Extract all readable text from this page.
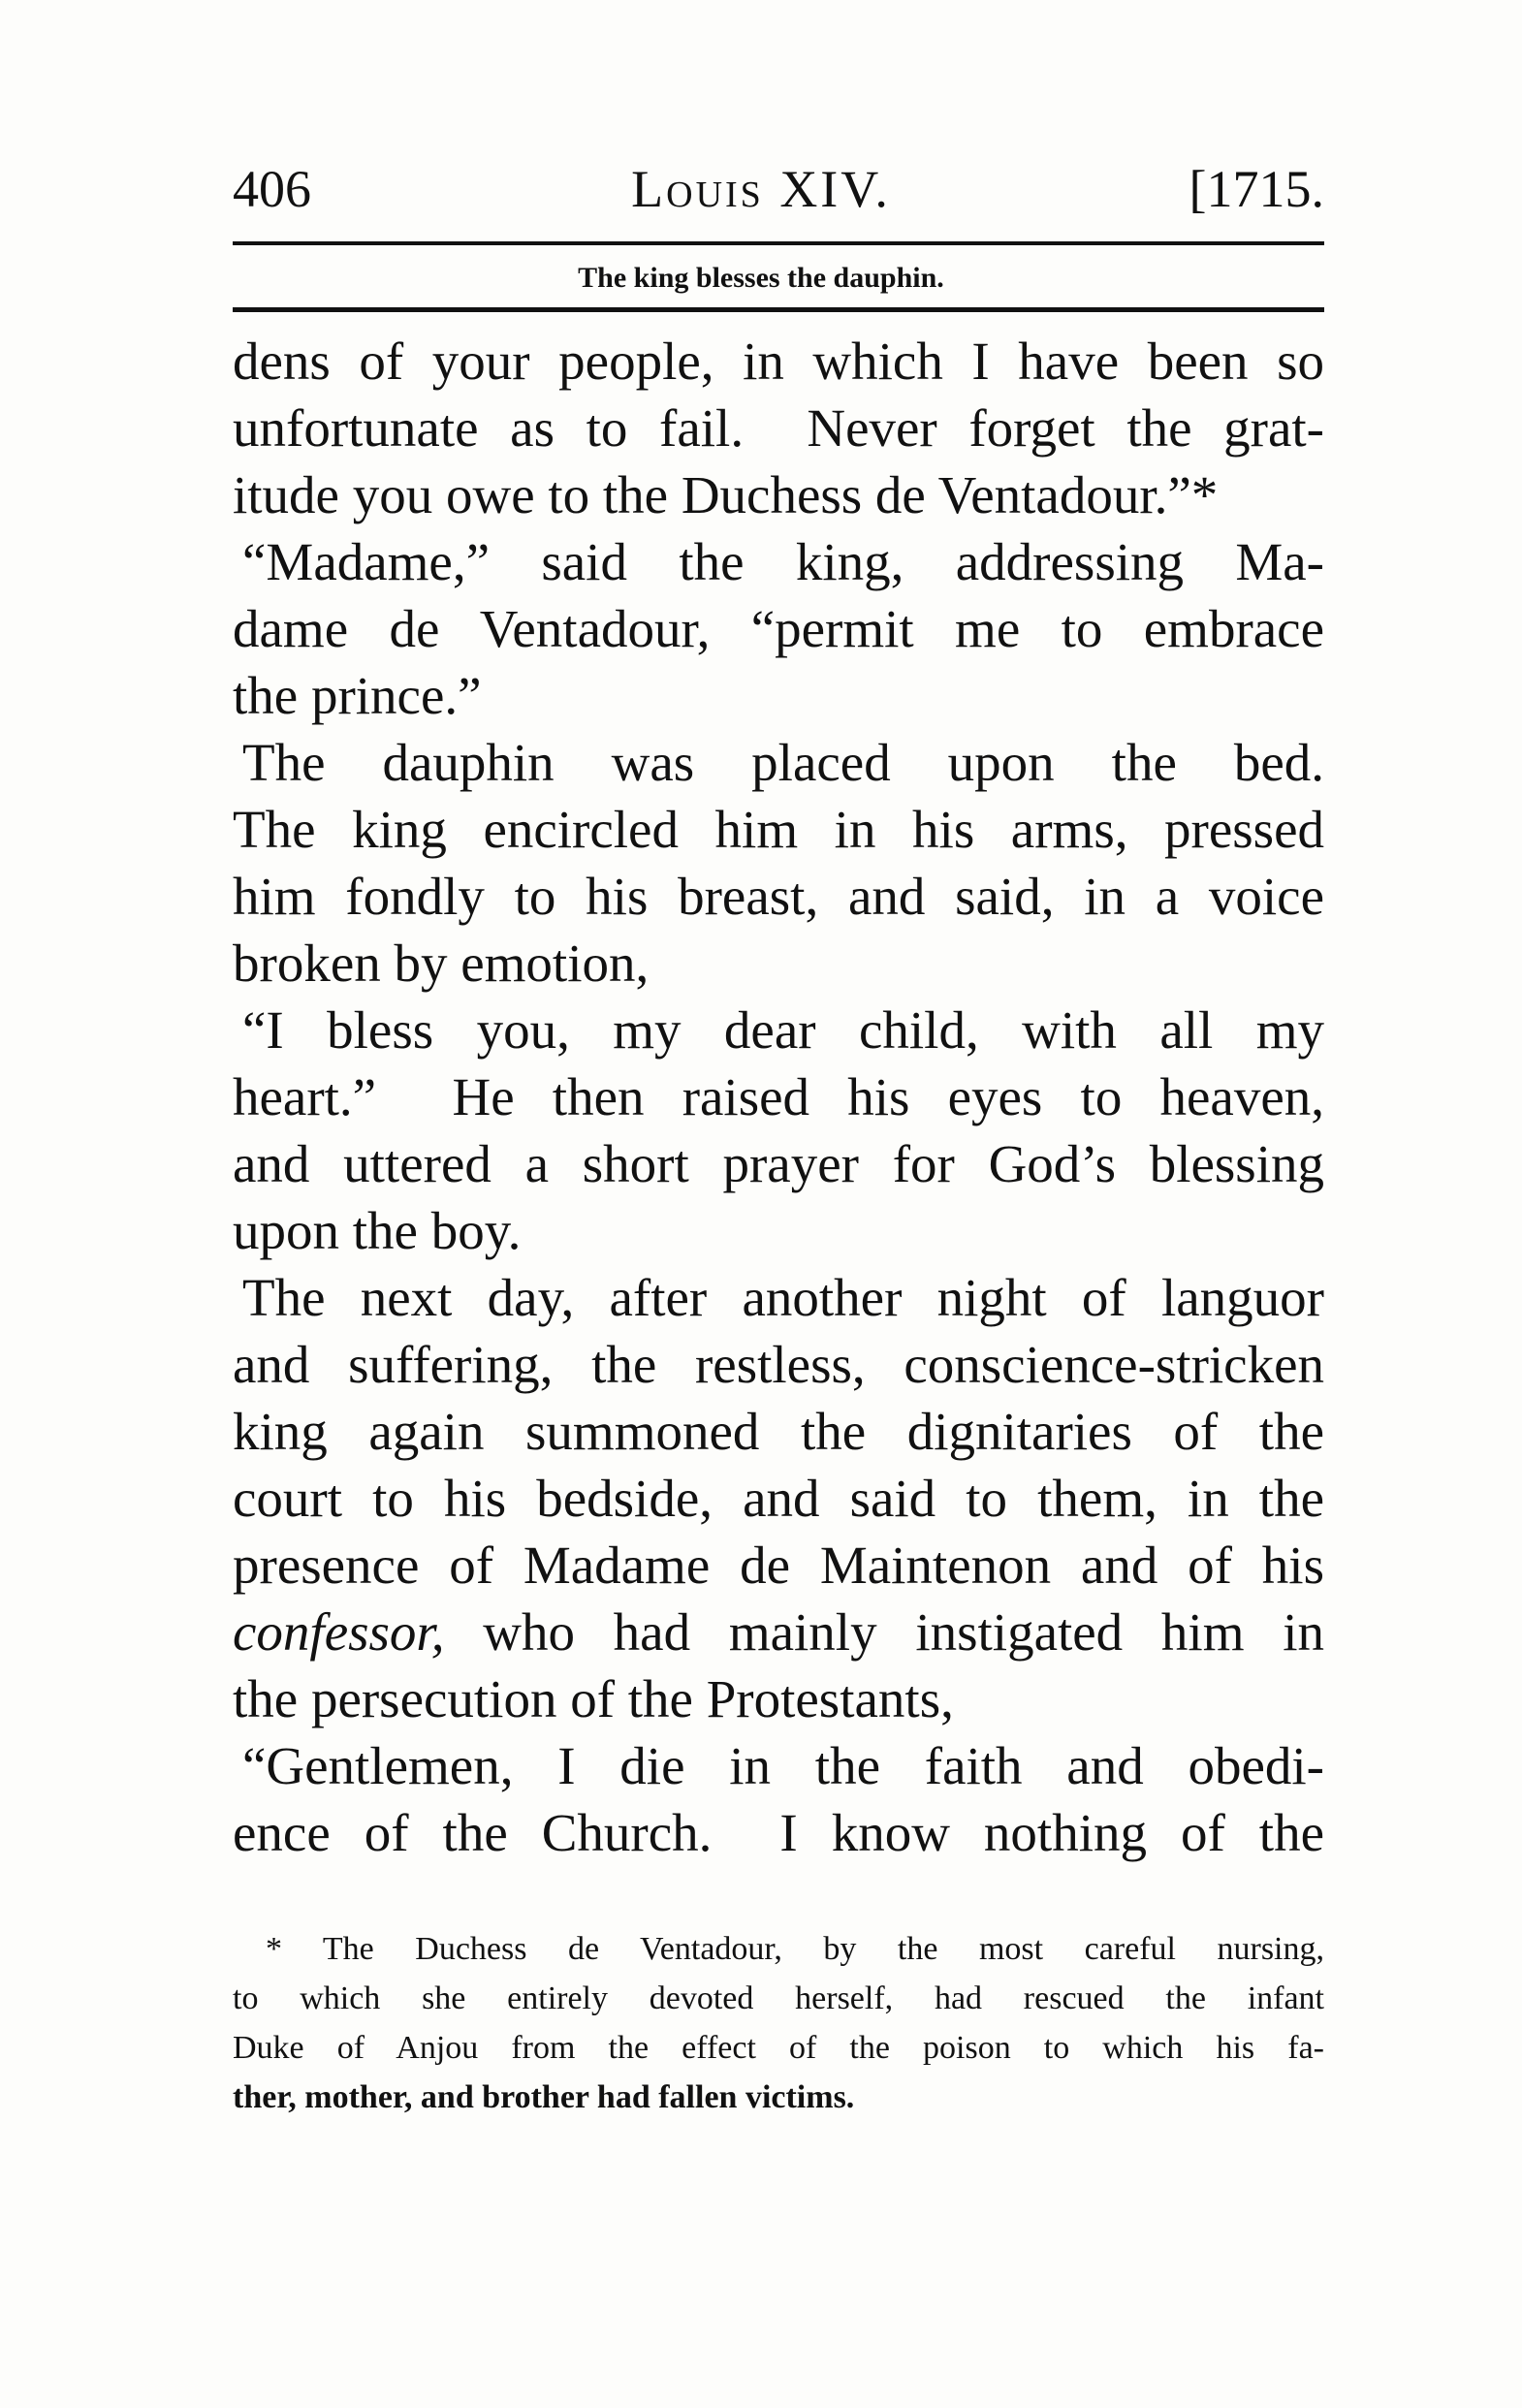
406	Louis XIV.	[1715.
The king blesses the dauphin.
dens of your people, in which I have been so
unfortunate as to fail.  Never forget the grat-
itude you owe to the Duchess de Ventadour.”*
“Madame,” said the king, addressing Ma-
dame de Ventadour, “permit me to embrace
the prince.”
The dauphin was placed upon the bed.
The king encircled him in his arms, pressed
him fondly to his breast, and said, in a voice
broken by emotion,
“I bless you, my dear child, with all my
heart.”  He then raised his eyes to heaven,
and uttered a short prayer for God’s blessing
upon the boy.
The next day, after another night of languor
and suffering, the restless, conscience-stricken
king again summoned the dignitaries of the
court to his bedside, and said to them, in the
presence of Madame de Maintenon and of his
confessor, who had mainly instigated him in
the persecution of the Protestants,
“Gentlemen, I die in the faith and obedi-
ence of the Church.  I know nothing of the
* The Duchess de Ventadour, by the most careful nursing,
to which she entirely devoted herself, had rescued the infant
Duke of Anjou from the effect of the poison to which his fa-
ther, mother, and brother had fallen victims.
